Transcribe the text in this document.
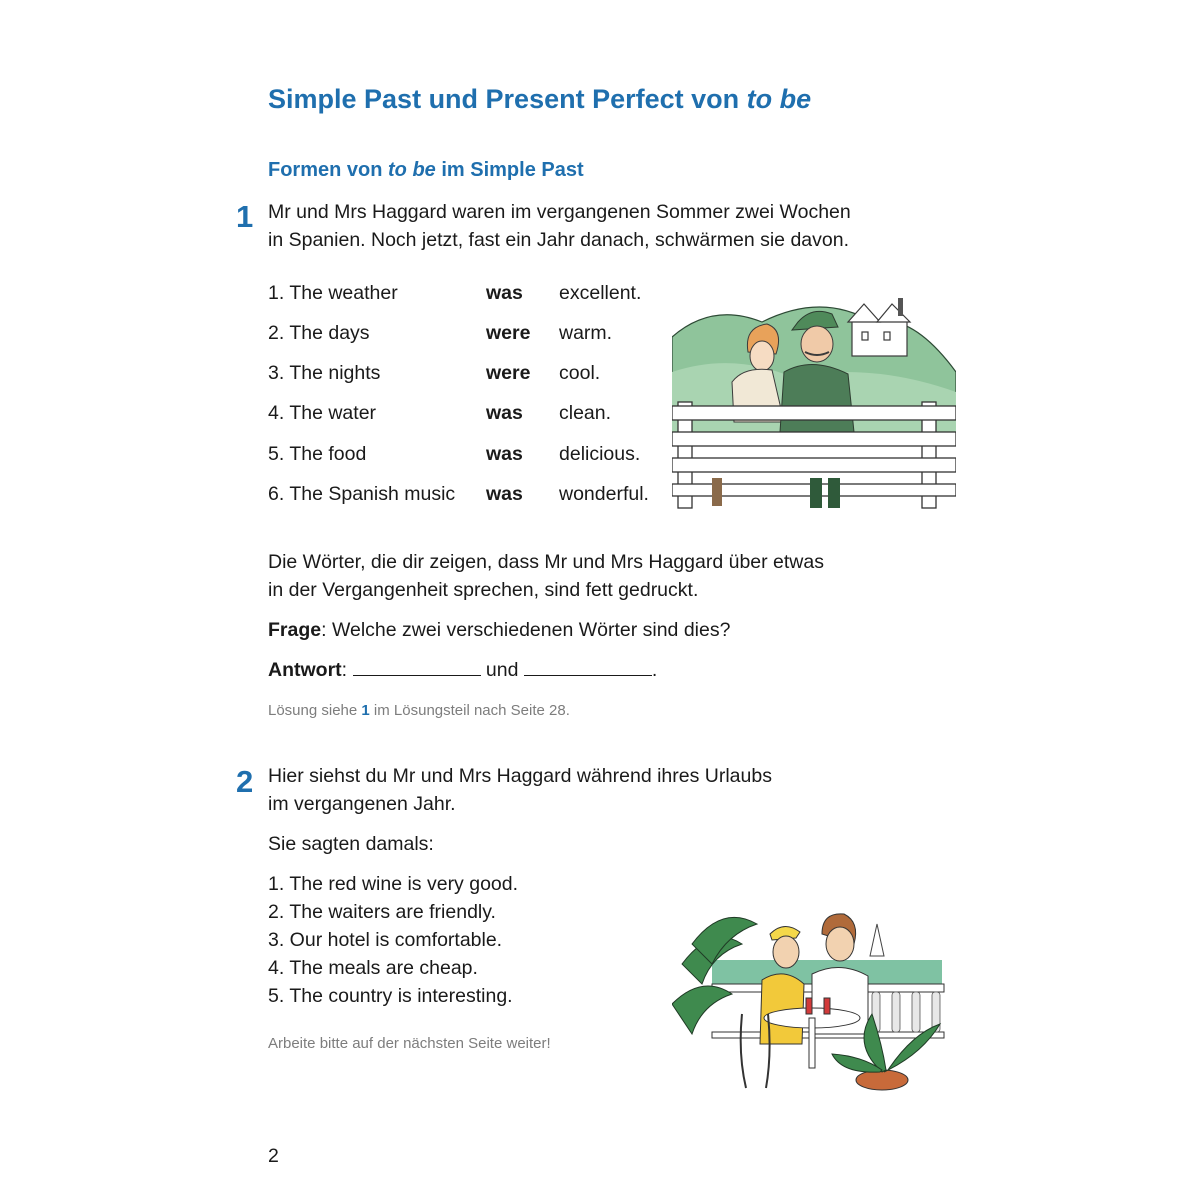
Simple Past und Present Perfect von to be
Formen von to be im Simple Past
1 Mr und Mrs Haggard waren im vergangenen Sommer zwei Wochen
in Spanien. Noch jetzt, fast ein Jahr danach, schwärmen sie davon.
1. The weather	was excellent.
2. The days	were warm.
3. The nights	were cool.
4. The water	was clean.
5. The food	was delicious.
6. The Spanish music was wonderful.
Die Wörter, die dir zeigen, dass Mr und Mrs Haggard über etwas
in der Vergangenheit sprechen, sind fett gedruckt.
Frage: Welche zwei verschiedenen Wörter sind dies?
Antwort:	und	.
Lösung siehe 1 im Lösungsteil nach Seite 28.
2 Hier siehst du Mr und Mrs Haggard während ihres Urlaubs
im vergangenen Jahr.
Sie sagten damals:
1. The red wine is very good.
2. The waiters are friendly.
3. Our hotel is comfortable.
4. The meals are cheap.
5. The country is interesting.
Arbeite bitte auf der nächsten Seite weiter!
2
